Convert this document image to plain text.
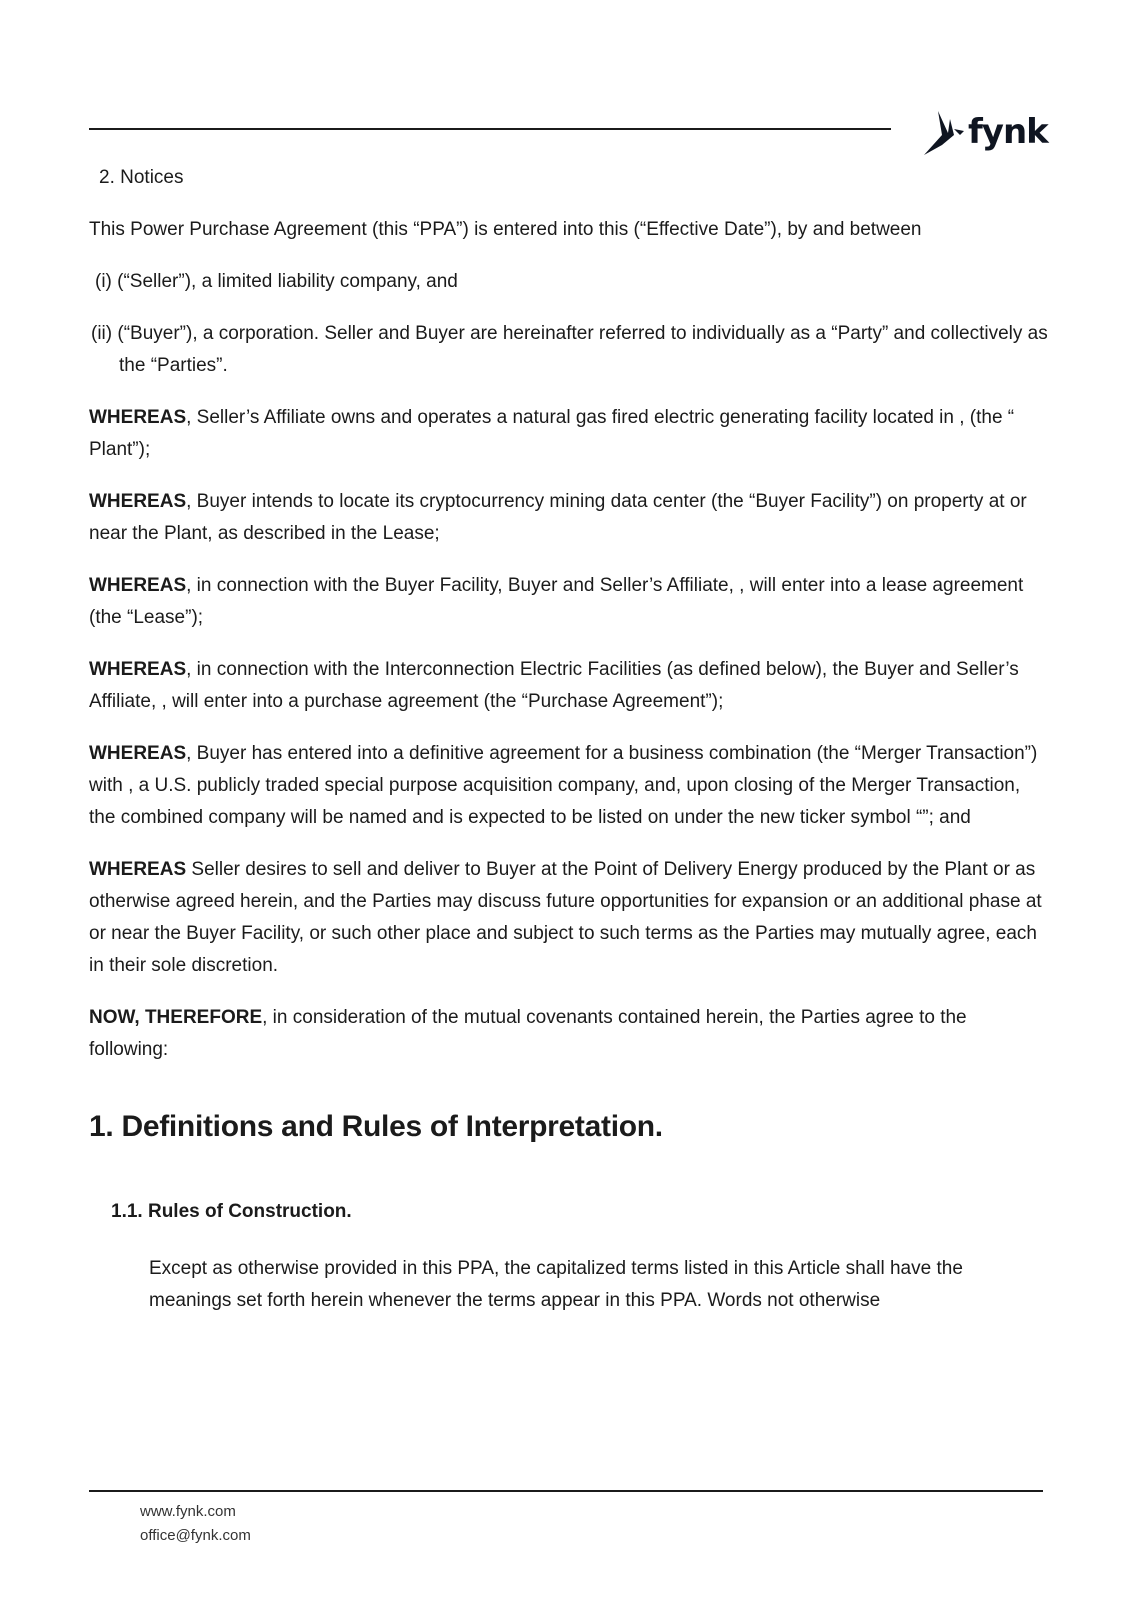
fynk

2. Notices

This Power Purchase Agreement (this “PPA”) is entered into this (“Effective Date”), by and between

(i) (“Seller”), a limited liability company, and

(ii) (“Buyer”), a corporation. Seller and Buyer are hereinafter referred to individually as a “Party” and collectively as the “Parties”.

WHEREAS, Seller’s Affiliate owns and operates a natural gas fired electric generating facility located in , (the “ Plant”);

WHEREAS, Buyer intends to locate its cryptocurrency mining data center (the “Buyer Facility”) on property at or near the Plant, as described in the Lease;

WHEREAS, in connection with the Buyer Facility, Buyer and Seller’s Affiliate, , will enter into a lease agreement (the “Lease”);

WHEREAS, in connection with the Interconnection Electric Facilities (as defined below), the Buyer and Seller’s Affiliate, , will enter into a purchase agreement (the “Purchase Agreement”);

WHEREAS, Buyer has entered into a definitive agreement for a business combination (the “Merger Transaction”) with , a U.S. publicly traded special purpose acquisition company, and, upon closing of the Merger Transaction, the combined company will be named and is expected to be listed on under the new ticker symbol “”; and

WHEREAS Seller desires to sell and deliver to Buyer at the Point of Delivery Energy produced by the Plant or as otherwise agreed herein, and the Parties may discuss future opportunities for expansion or an additional phase at or near the Buyer Facility, or such other place and subject to such terms as the Parties may mutually agree, each in their sole discretion.

NOW, THEREFORE, in consideration of the mutual covenants contained herein, the Parties agree to the following:

1. Definitions and Rules of Interpretation.
1.1. Rules of Construction.

Except as otherwise provided in this PPA, the capitalized terms listed in this Article shall have the meanings set forth herein whenever the terms appear in this PPA. Words not otherwise

www.fynk.com
office@fynk.com
